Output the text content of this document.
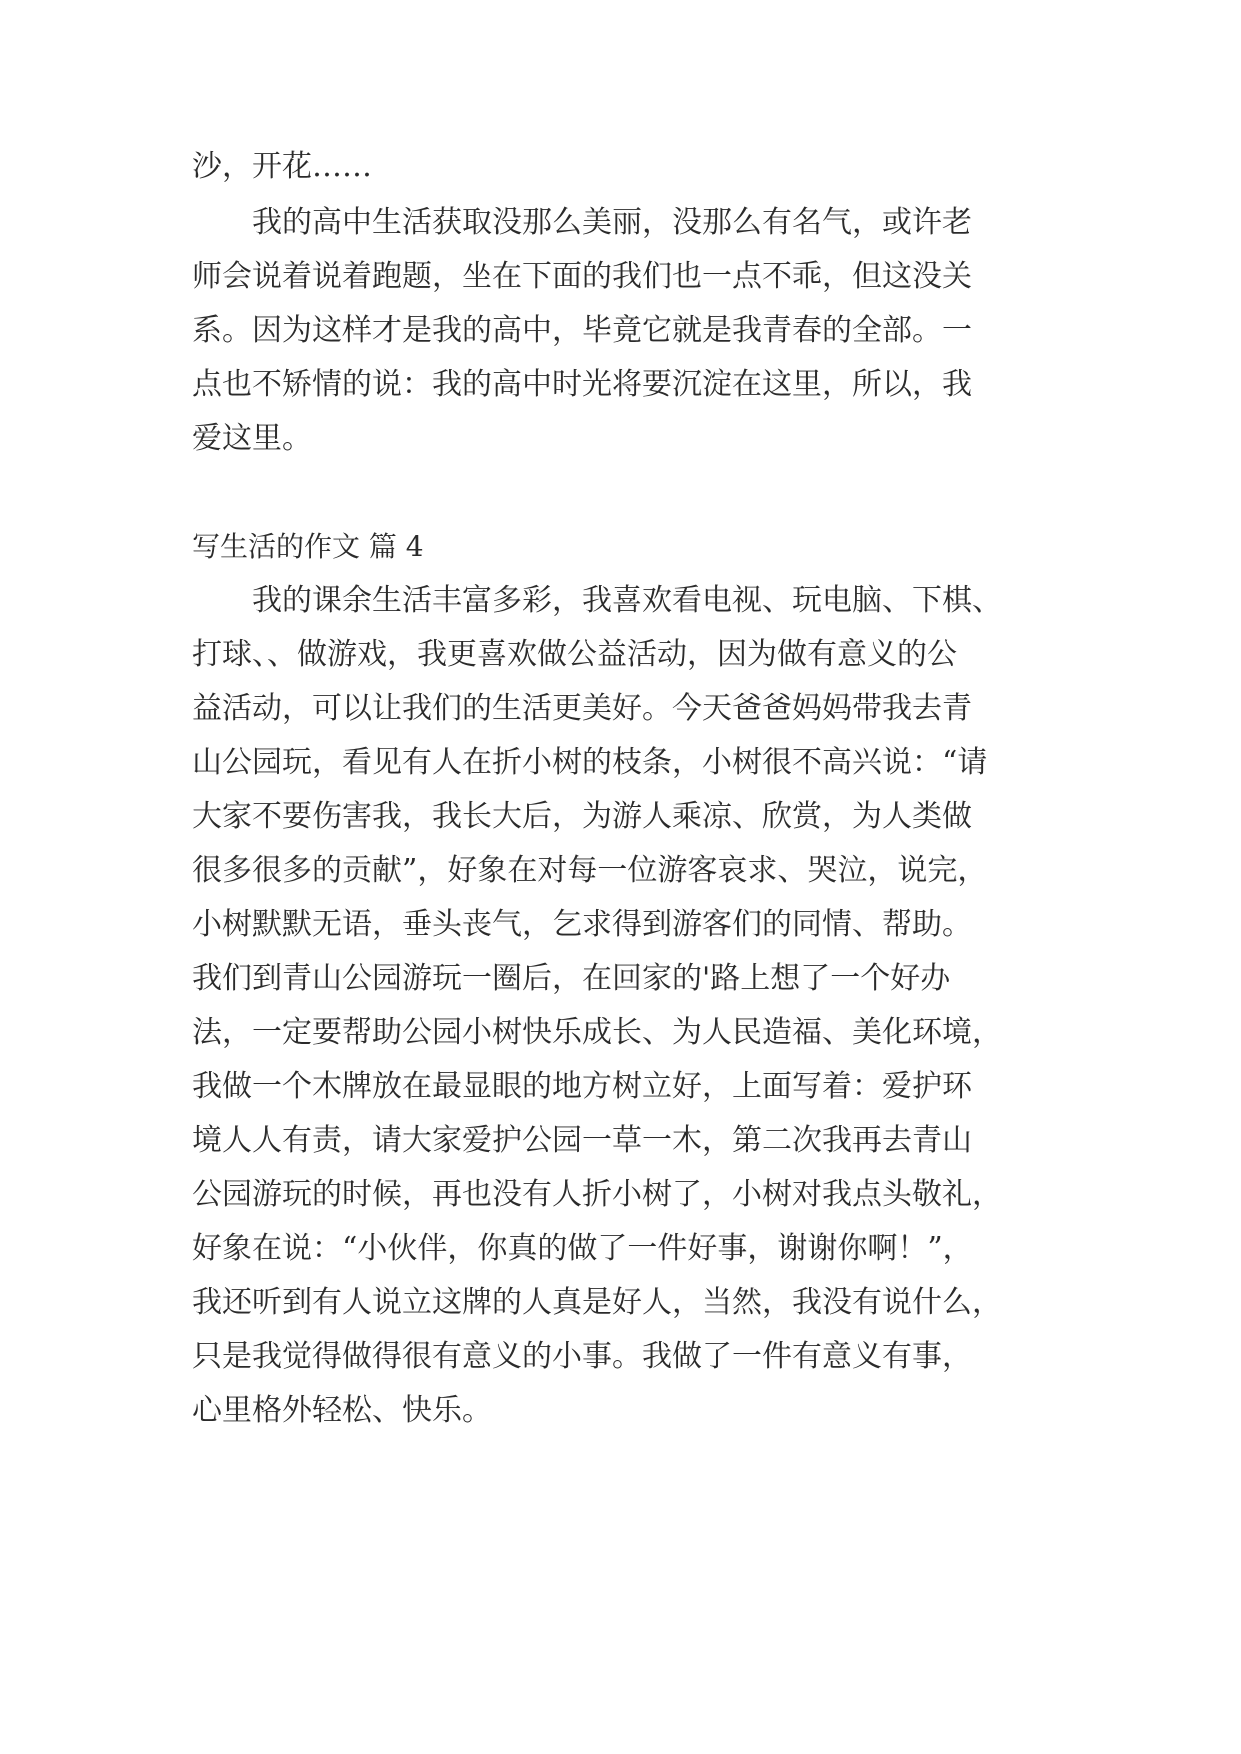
沙，开花……
我的高中生活获取没那么美丽，没那么有名气，或许老
师会说着说着跑题，坐在下面的我们也一点不乖，但这没关
系。因为这样才是我的高中，毕竟它就是我青春的全部。一
点也不矫情的说：我的高中时光将要沉淀在这里，所以，我
爱这里。
写生活的作文 篇 4
我的课余生活丰富多彩，我喜欢看电视、玩电脑、下棋、
打球、、做游戏，我更喜欢做公益活动，因为做有意义的公
益活动，可以让我们的生活更美好。今天爸爸妈妈带我去青
山公园玩，看见有人在折小树的枝条，小树很不高兴说：“请
大家不要伤害我，我长大后，为游人乘凉、欣赏，为人类做
很多很多的贡献”，好象在对每一位游客哀求、哭泣，说完，
小树默默无语，垂头丧气，乞求得到游客们的同情、帮助。
我们到青山公园游玩一圈后，在回家的'路上想了一个好办
法，一定要帮助公园小树快乐成长、为人民造福、美化环境，
我做一个木牌放在最显眼的地方树立好，上面写着：爱护环
境人人有责，请大家爱护公园一草一木，第二次我再去青山
公园游玩的时候，再也没有人折小树了，小树对我点头敬礼，
好象在说：“小伙伴，你真的做了一件好事，谢谢你啊！”，
我还听到有人说立这牌的人真是好人，当然，我没有说什么，
只是我觉得做得很有意义的小事。我做了一件有意义有事，
心里格外轻松、快乐。
